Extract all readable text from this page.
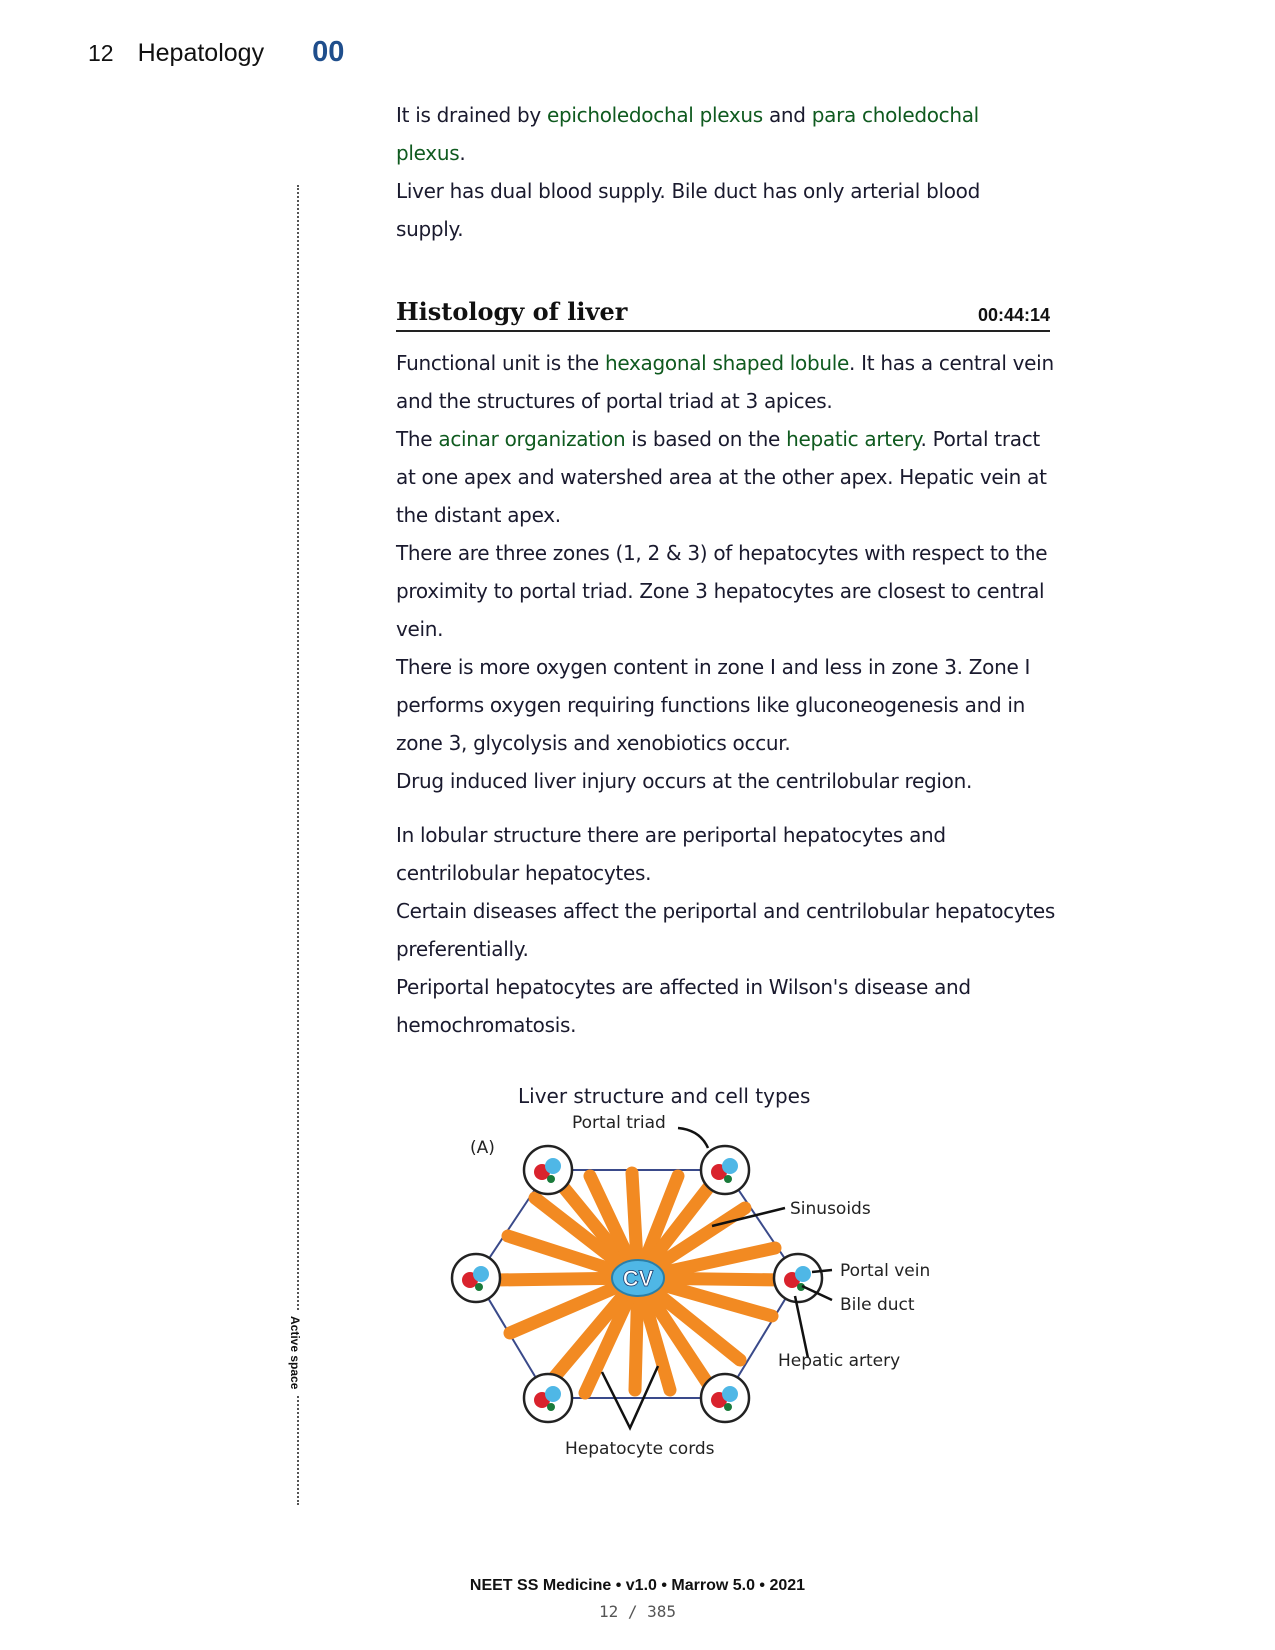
12 Hepatology 00
Active space

It is drained by epicholedochal plexus and para choledochal plexus.

Liver has dual blood supply. Bile duct has only arterial blood supply.

Histology of liver	00:44:14

Functional unit is the hexagonal shaped lobule. It has a central vein and the structures of portal triad at 3 apices.

The acinar organization is based on the hepatic artery. Portal tract at one apex and watershed area at the other apex. Hepatic vein at the distant apex.

There are three zones (1, 2 & 3) of hepatocytes with respect to the proximity to portal triad. Zone 3 hepatocytes are closest to central vein.

There is more oxygen content in zone I and less in zone 3. Zone I performs oxygen requiring functions like gluconeogenesis and in zone 3, glycolysis and xenobiotics occur.

Drug induced liver injury occurs at the centrilobular region.

In lobular structure there are periportal hepatocytes and centrilobular hepatocytes.

Certain diseases affect the periportal and centrilobular hepatocytes preferentially.

Periportal hepatocytes are affected in Wilson's disease and hemochromatosis.

Liver structure and cell types
(A)
CV
Portal triad
Sinusoids
Portal vein
Bile duct
Hepatic artery
Hepatocyte cords
NEET SS Medicine • v1.0 • Marrow 5.0 • 2021
12 / 385
